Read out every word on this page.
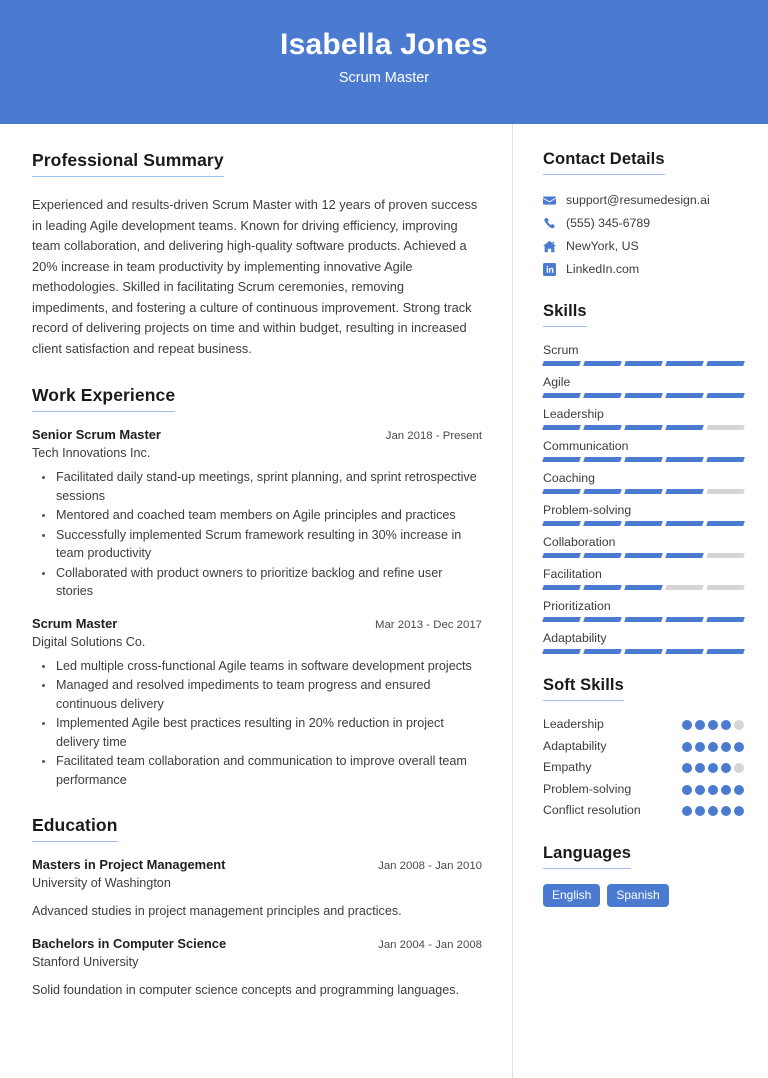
Isabella Jones
Scrum Master
Professional Summary
Experienced and results-driven Scrum Master with 12 years of proven success in leading Agile development teams. Known for driving efficiency, improving team collaboration, and delivering high-quality software products. Achieved a 20% increase in team productivity by implementing innovative Agile methodologies. Skilled in facilitating Scrum ceremonies, removing impediments, and fostering a culture of continuous improvement. Strong track record of delivering projects on time and within budget, resulting in increased client satisfaction and repeat business.
Work Experience
Senior Scrum Master	Jan 2018 - Present
Tech Innovations Inc.
Facilitated daily stand-up meetings, sprint planning, and sprint retrospective sessions
Mentored and coached team members on Agile principles and practices
Successfully implemented Scrum framework resulting in 30% increase in team productivity
Collaborated with product owners to prioritize backlog and refine user stories
Scrum Master	Mar 2013 - Dec 2017
Digital Solutions Co.
Led multiple cross-functional Agile teams in software development projects
Managed and resolved impediments to team progress and ensured continuous delivery
Implemented Agile best practices resulting in 20% reduction in project delivery time
Facilitated team collaboration and communication to improve overall team performance
Education
Masters in Project Management	Jan 2008 - Jan 2010
University of Washington
Advanced studies in project management principles and practices.
Bachelors in Computer Science	Jan 2004 - Jan 2008
Stanford University
Solid foundation in computer science concepts and programming languages.
Contact Details
support@resumedesign.ai
(555) 345-6789
NewYork, US
LinkedIn.com
Skills
Scrum
Agile
Leadership
Communication
Coaching
Problem-solving
Collaboration
Facilitation
Prioritization
Adaptability
Soft Skills
Leadership
Adaptability
Empathy
Problem-solving
Conflict resolution
Languages
English	Spanish
